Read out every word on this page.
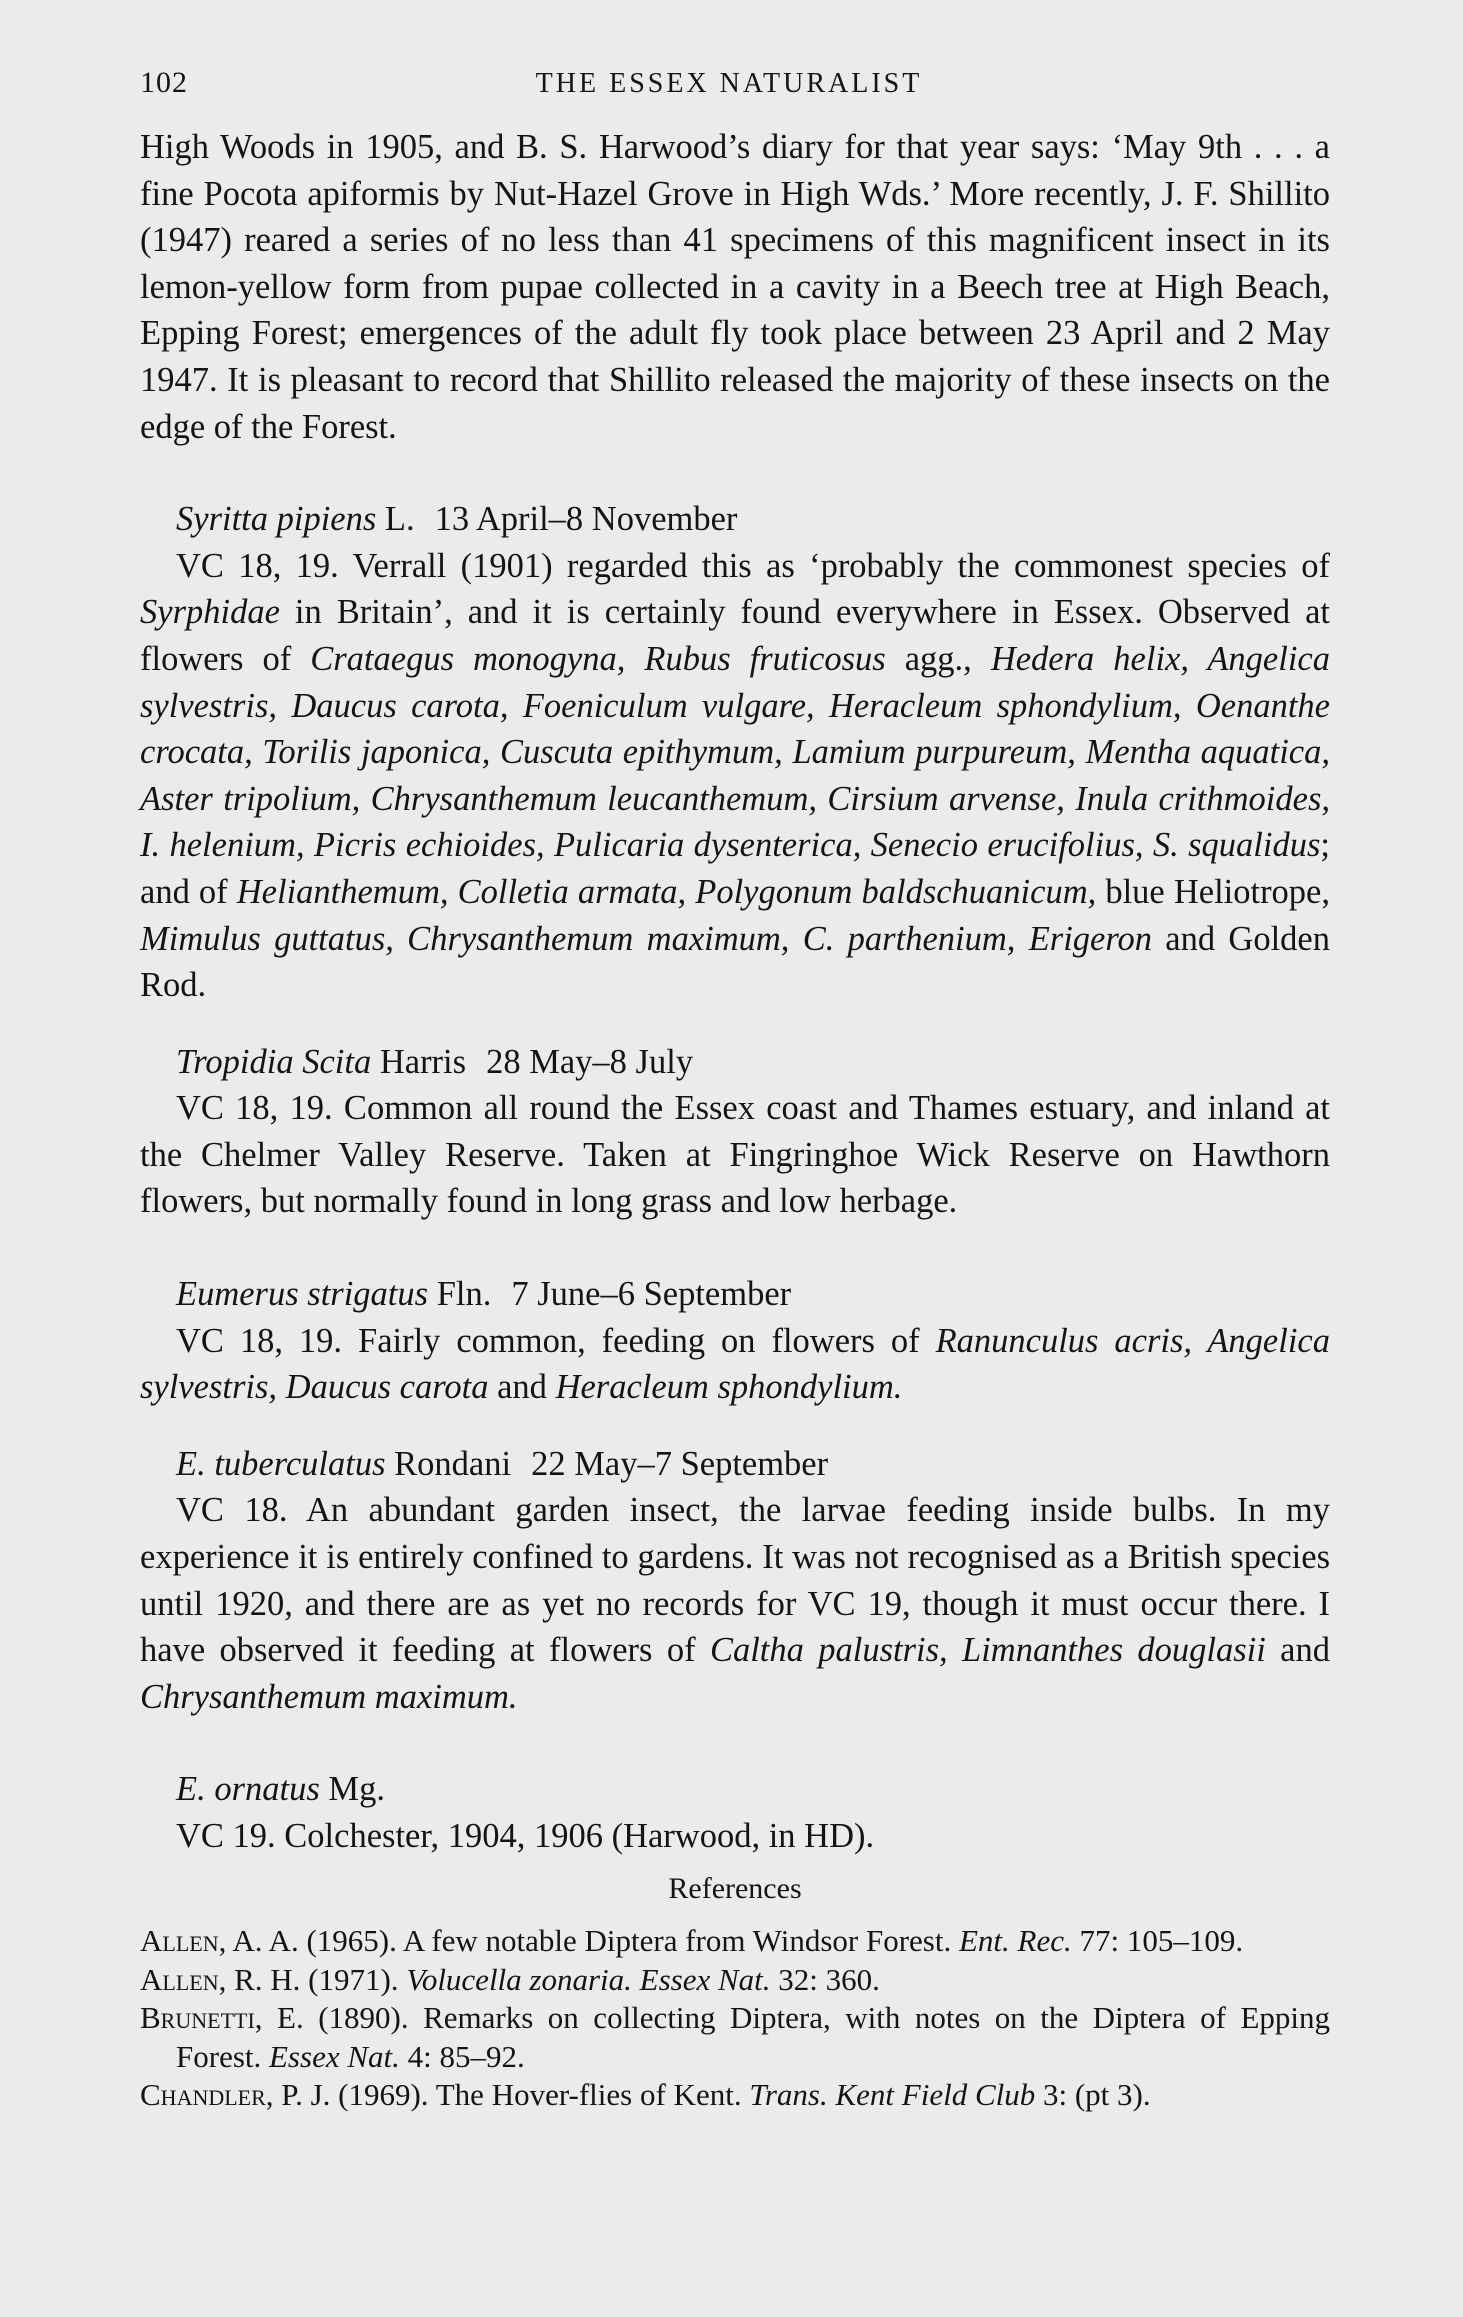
102	THE ESSEX NATURALIST

High Woods in 1905, and B. S. Harwood’s diary for that year says: ‘May 9th . . . a fine Pocota apiformis by Nut-Hazel Grove in High Wds.’ More recently, J. F. Shillito (1947) reared a series of no less than 41 specimens of this magnificent insect in its lemon-yellow form from pupae collected in a cavity in a Beech tree at High Beach, Epping Forest; emergences of the adult fly took place between 23 April and 2 May 1947. It is pleasant to record that Shillito released the majority of these insects on the edge of the Forest.

Syritta pipiens L. 13 April–8 November

VC 18, 19. Verrall (1901) regarded this as ‘probably the commonest species of Syrphidae in Britain’, and it is certainly found everywhere in Essex. Observed at flowers of Crataegus monogyna, Rubus fruticosus agg., Hedera helix, Angelica sylvestris, Daucus carota, Foeniculum vulgare, Heracleum sphondylium, Oenanthe crocata, Torilis japonica, Cuscuta epithymum, Lamium purpureum, Mentha aquatica, Aster tripolium, Chrysanthemum leucanthemum, Cirsium arvense, Inula crithmoides, I. helenium, Picris echioides, Pulicaria dysenterica, Senecio erucifolius, S. squalidus; and of Helianthemum, Colletia armata, Polygonum baldschuanicum, blue Heliotrope, Mimulus guttatus, Chrysanthemum maximum, C. parthenium, Erigeron and Golden Rod.

Tropidia Scita Harris 28 May–8 July

VC 18, 19. Common all round the Essex coast and Thames estuary, and inland at the Chelmer Valley Reserve. Taken at Fingringhoe Wick Reserve on Hawthorn flowers, but normally found in long grass and low herbage.

Eumerus strigatus Fln. 7 June–6 September

VC 18, 19. Fairly common, feeding on flowers of Ranunculus acris, Angelica sylvestris, Daucus carota and Heracleum sphondylium.

E. tuberculatus Rondani 22 May–7 September

VC 18. An abundant garden insect, the larvae feeding inside bulbs. In my experience it is entirely confined to gardens. It was not recognised as a British species until 1920, and there are as yet no records for VC 19, though it must occur there. I have observed it feeding at flowers of Caltha palustris, Limnanthes douglasii and Chrysanthemum maximum.

E. ornatus Mg.

VC 19. Colchester, 1904, 1906 (Harwood, in HD).

References

Allen, A. A. (1965). A few notable Diptera from Windsor Forest. Ent. Rec. 77: 105–109.

Allen, R. H. (1971). Volucella zonaria. Essex Nat. 32: 360.

Brunetti, E. (1890). Remarks on collecting Diptera, with notes on the Diptera of Epping Forest. Essex Nat. 4: 85–92.

Chandler, P. J. (1969). The Hover-flies of Kent. Trans. Kent Field Club 3: (pt 3).
